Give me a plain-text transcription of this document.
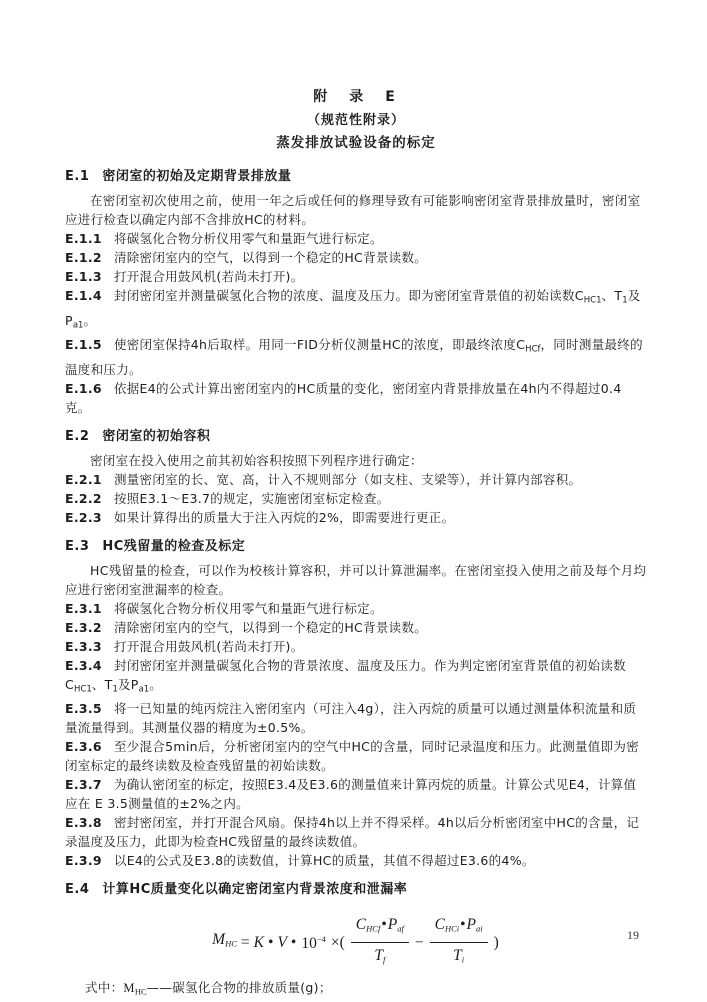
附　录　E
（规范性附录）
蒸发排放试验设备的标定
E.1 密闭室的初始及定期背景排放量

在密闭室初次使用之前，使用一年之后或任何的修理导致有可能影响密闭室背景排放量时，密闭室应进行检查以确定内部不含排放HC的材料。

E.1.1 将碳氢化合物分析仪用零气和量距气进行标定。

E.1.2 清除密闭室内的空气，以得到一个稳定的HC背景读数。

E.1.3 打开混合用鼓风机(若尚未打开)。

E.1.4 封闭密闭室并测量碳氢化合物的浓度、温度及压力。即为密闭室背景值的初始读数$C_{HC1}$、$T_1$及$P_{a1}$。

E.1.5 使密闭室保持4h后取样。用同一FID分析仪测量HC的浓度，即最终浓度$C_{HCf}$，同时测量最终的温度和压力。

E.1.6 依据E4的公式计算出密闭室内的HC质量的变化，密闭室内背景排放量在4h内不得超过0.4克。

E.2 密闭室的初始容积

密闭室在投入使用之前其初始容积按照下列程序进行确定：

E.2.1 测量密闭室的长、宽、高，计入不规则部分（如支柱、支梁等），并计算内部容积。

E.2.2 按照E3.1～E3.7的规定，实施密闭室标定检查。

E.2.3 如果计算得出的质量大于注入丙烷的2%，即需要进行更正。

E.3 HC残留量的检查及标定

HC残留量的检查，可以作为校核计算容积，并可以计算泄漏率。在密闭室投入使用之前及每个月均应进行密闭室泄漏率的检查。

E.3.1 将碳氢化合物分析仪用零气和量距气进行标定。

E.3.2 清除密闭室内的空气，以得到一个稳定的HC背景读数。

E.3.3 打开混合用鼓风机(若尚未打开)。

E.3.4 封闭密闭室并测量碳氢化合物的背景浓度、温度及压力。作为判定密闭室背景值的初始读数$C_{HC1}$、$T_1$及$P_{a1}$。

E.3.5 将一已知量的纯丙烷注入密闭室内（可注入4g），注入丙烷的质量可以通过测量体积流量和质量流量得到。其测量仪器的精度为±0.5%。

E.3.6 至少混合5min后，分析密闭室内的空气中HC的含量，同时记录温度和压力。此测量值即为密闭室标定的最终读数及检查残留量的初始读数。

E.3.7 为确认密闭室的标定，按照E3.4及E3.6的测量值来计算丙烷的质量。计算公式见E4，计算值应在 E 3.5测量值的±2%之内。

E.3.8 密封密闭室，并打开混合风扇。保持4h以上并不得采样。4h以后分析密闭室中HC的含量，记录温度及压力，此即为检查HC残留量的最终读数值。

E.3.9 以E4的公式及E3.8的读数值，计算HC的质量，其值不得超过E3.6的4%。

E.4 计算HC质量变化以确定密闭室内背景浓度和泄漏率
$M_{HC} = K$ • V • $10^{-4}$ ×( $\frac{C_{HCf}•P_{af}}{T_f} - \frac{C_{HCi}•P_{ai}}{T_i}$ )

式中：$M_{HC}——$碳氢化合物的排放质量(g)；

19
